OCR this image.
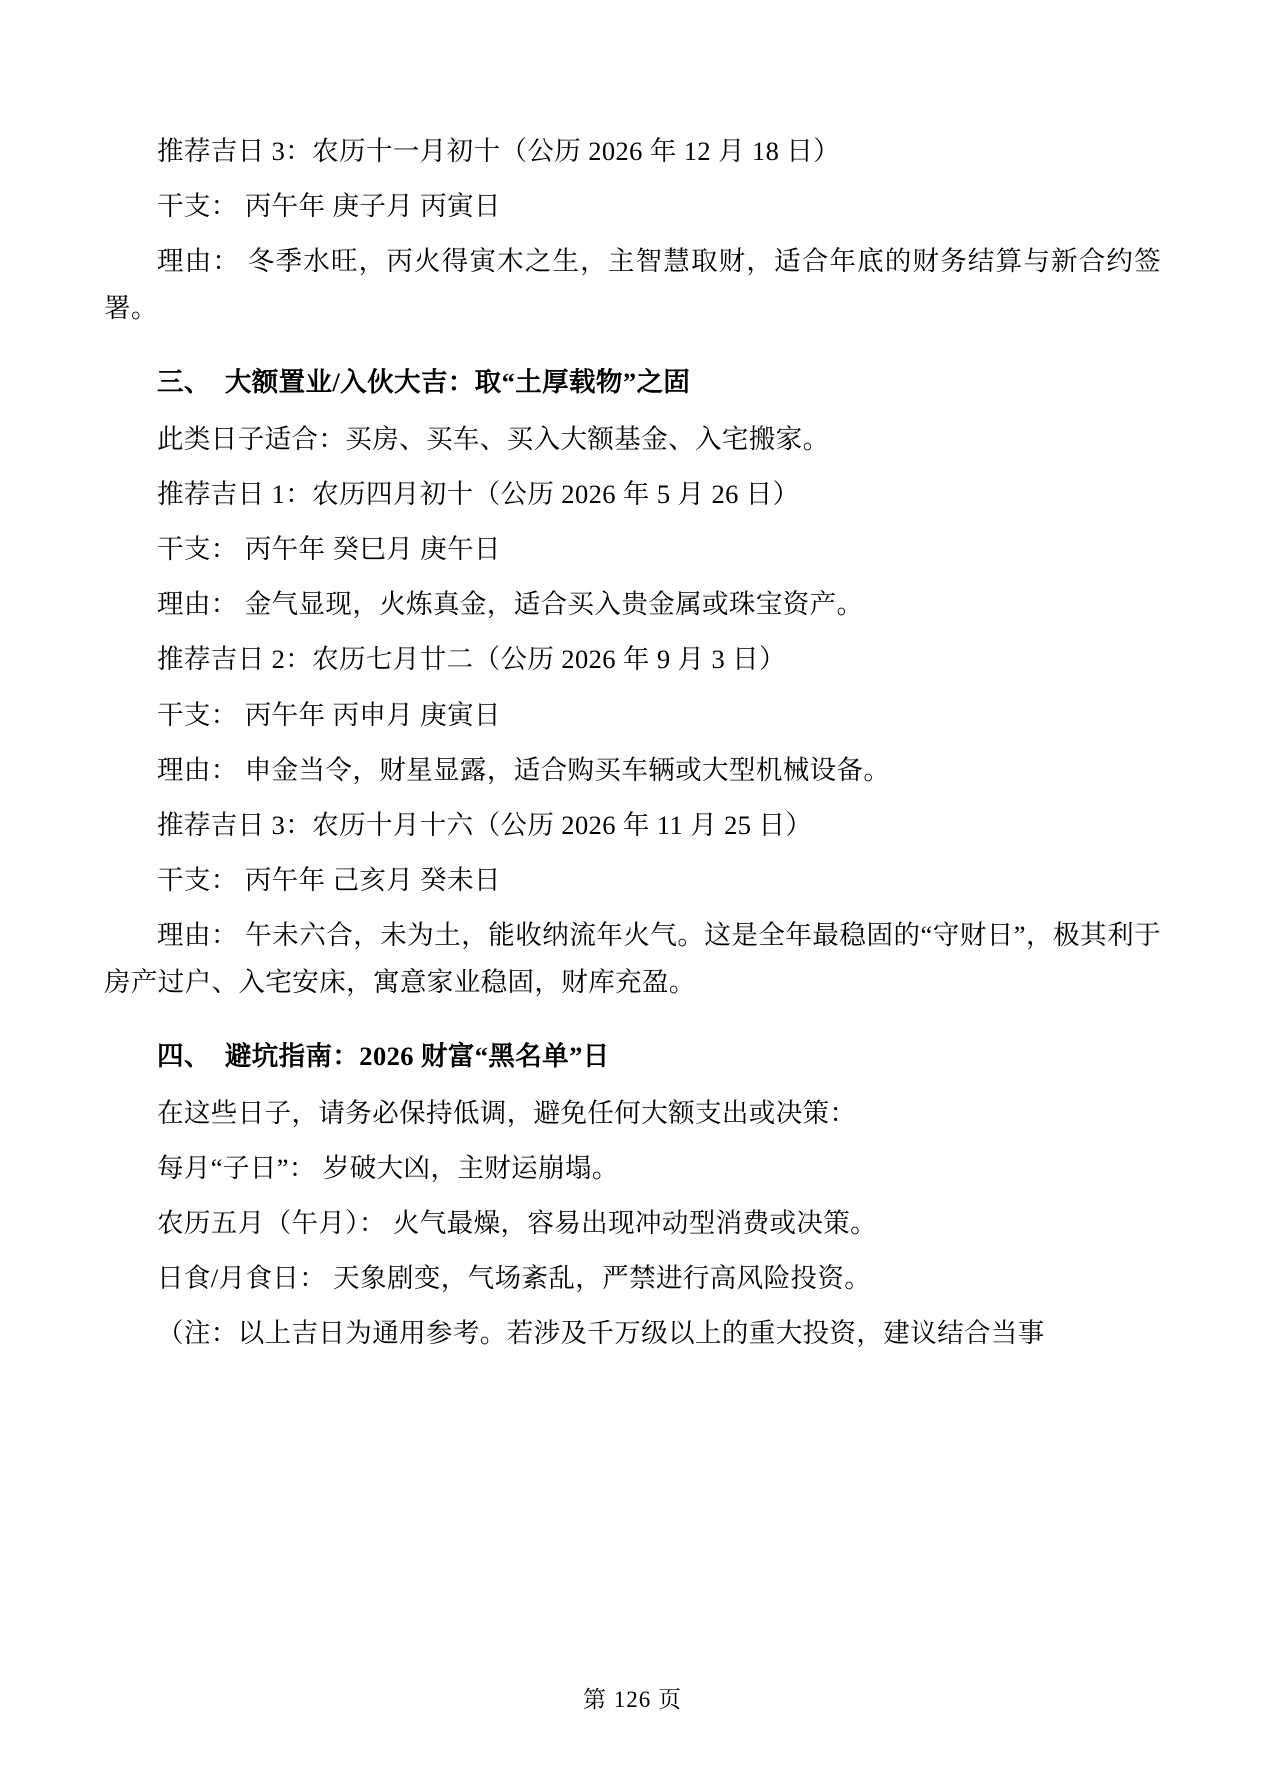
推荐吉日 3：农历十一月初十（公历 2026 年 12 月 18 日）

干支： 丙午年 庚子月 丙寅日

理由： 冬季水旺，丙火得寅木之生，主智慧取财，适合年底的财务结算与新合约签署。

三、 大额置业/入伙大吉：取“土厚载物”之固

此类日子适合：买房、买车、买入大额基金、入宅搬家。

推荐吉日 1：农历四月初十（公历 2026 年 5 月 26 日）

干支： 丙午年 癸巳月 庚午日

理由： 金气显现，火炼真金，适合买入贵金属或珠宝资产。

推荐吉日 2：农历七月廿二（公历 2026 年 9 月 3 日）

干支： 丙午年 丙申月 庚寅日

理由： 申金当令，财星显露，适合购买车辆或大型机械设备。

推荐吉日 3：农历十月十六（公历 2026 年 11 月 25 日）

干支： 丙午年 己亥月 癸未日

理由： 午未六合，未为土，能收纳流年火气。这是全年最稳固的“守财日”，极其利于房产过户、入宅安床，寓意家业稳固，财库充盈。

四、 避坑指南：2026 财富“黑名单”日

在这些日子，请务必保持低调，避免任何大额支出或决策：

每月“子日”： 岁破大凶，主财运崩塌。

农历五月（午月）： 火气最燥，容易出现冲动型消费或决策。

日食/月食日： 天象剧变，气场紊乱，严禁进行高风险投资。

（注：以上吉日为通用参考。若涉及千万级以上的重大投资，建议结合当事

第 126 页
